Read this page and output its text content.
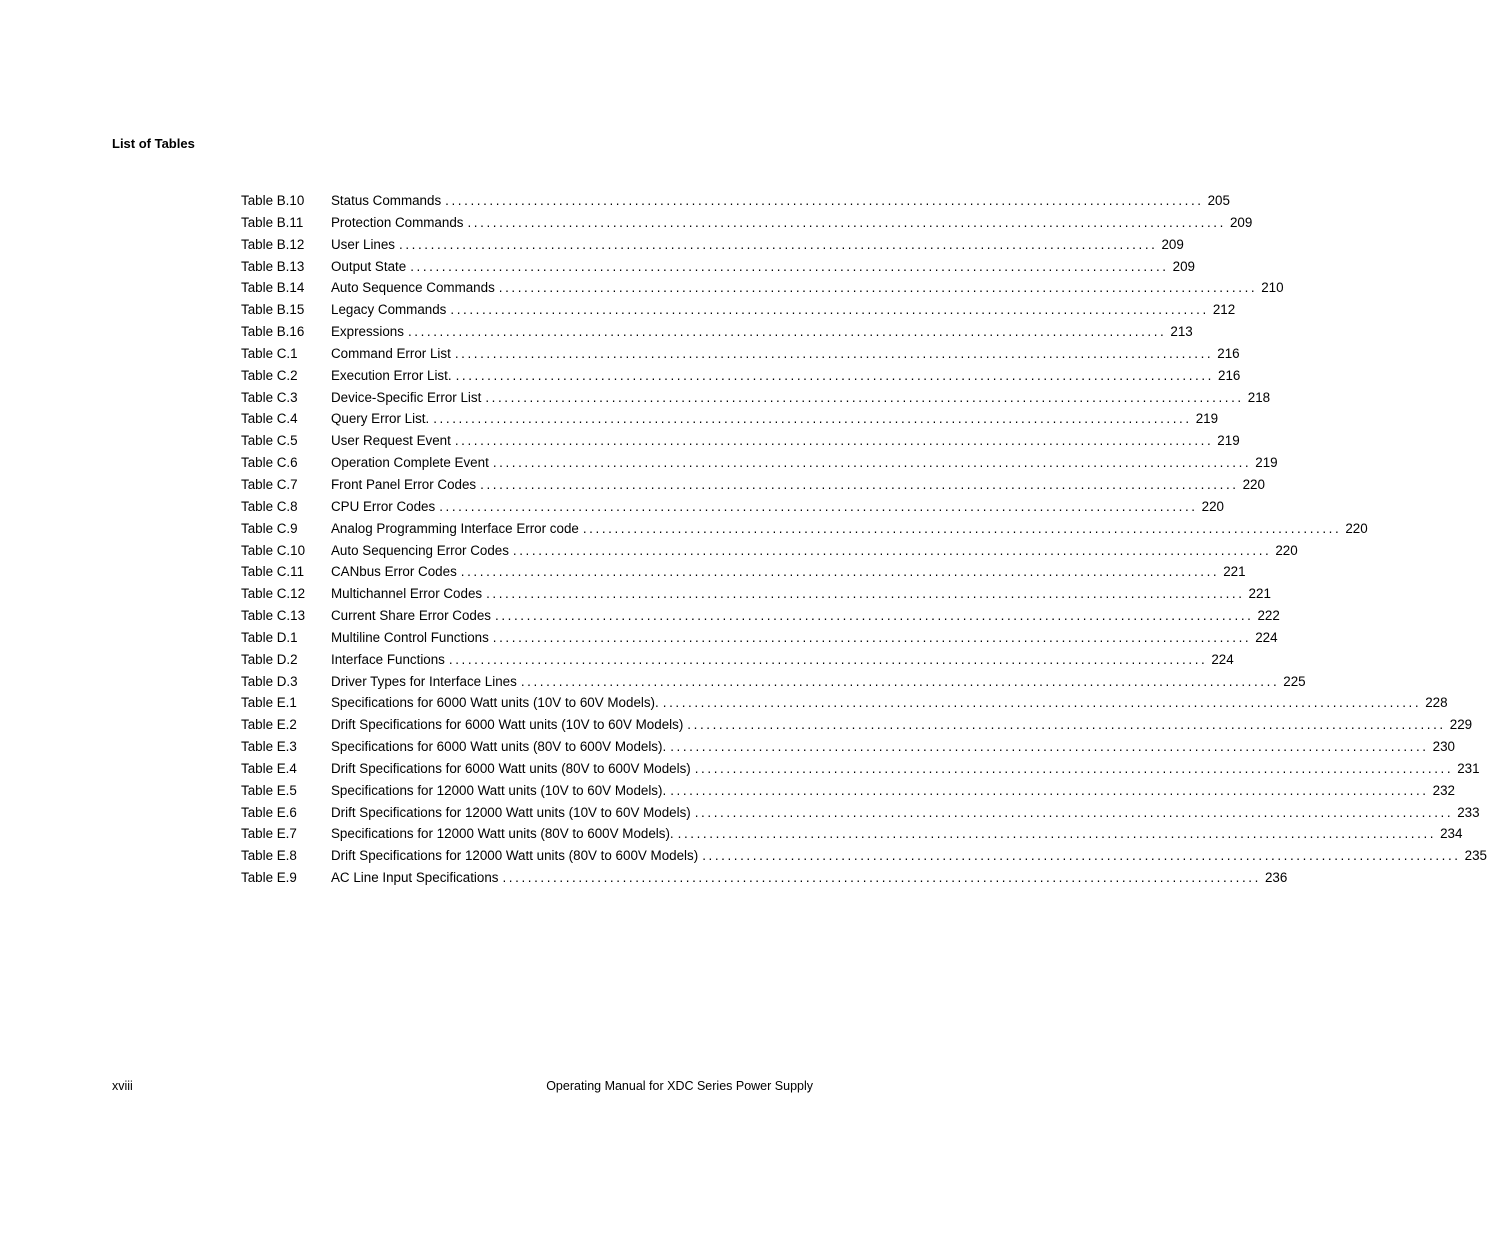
List of Tables
Table B.10	Status Commands ........................................................................................................................ 205
Table B.11	Protection Commands ........................................................................................................................ 209
Table B.12	User Lines ........................................................................................................................ 209
Table B.13	Output State ........................................................................................................................ 209
Table B.14	Auto Sequence Commands ........................................................................................................................ 210
Table B.15	Legacy Commands ........................................................................................................................ 212
Table B.16	Expressions ........................................................................................................................ 213
Table C.1	Command Error List ........................................................................................................................ 216
Table C.2	Execution Error List. ........................................................................................................................ 216
Table C.3	Device-Specific Error List ........................................................................................................................ 218
Table C.4	Query Error List. ........................................................................................................................ 219
Table C.5	User Request Event ........................................................................................................................ 219
Table C.6	Operation Complete Event ........................................................................................................................ 219
Table C.7	Front Panel Error Codes ........................................................................................................................ 220
Table C.8	CPU Error Codes ........................................................................................................................ 220
Table C.9	Analog Programming Interface Error code ........................................................................................................................ 220
Table C.10	Auto Sequencing Error Codes ........................................................................................................................ 220
Table C.11	CANbus Error Codes ........................................................................................................................ 221
Table C.12	Multichannel Error Codes ........................................................................................................................ 221
Table C.13	Current Share Error Codes ........................................................................................................................ 222
Table D.1	Multiline Control Functions ........................................................................................................................ 224
Table D.2	Interface Functions ........................................................................................................................ 224
Table D.3	Driver Types for Interface Lines ........................................................................................................................ 225
Table E.1	Specifications for 6000 Watt units (10V to 60V Models). ........................................................................................................................ 228
Table E.2	Drift Specifications for 6000 Watt units (10V to 60V Models) ........................................................................................................................ 229
Table E.3	Specifications for 6000 Watt units (80V to 600V Models). ........................................................................................................................ 230
Table E.4	Drift Specifications for 6000 Watt units (80V to 600V Models) ........................................................................................................................ 231
Table E.5	Specifications for 12000 Watt units (10V to 60V Models). ........................................................................................................................ 232
Table E.6	Drift Specifications for 12000 Watt units (10V to 60V Models) ........................................................................................................................ 233
Table E.7	Specifications for 12000 Watt units (80V to 600V Models). ........................................................................................................................ 234
Table E.8	Drift Specifications for 12000 Watt units (80V to 600V Models) ........................................................................................................................ 235
Table E.9	AC Line Input Specifications ........................................................................................................................ 236
xviii	Operating Manual for XDC Series Power Supply
